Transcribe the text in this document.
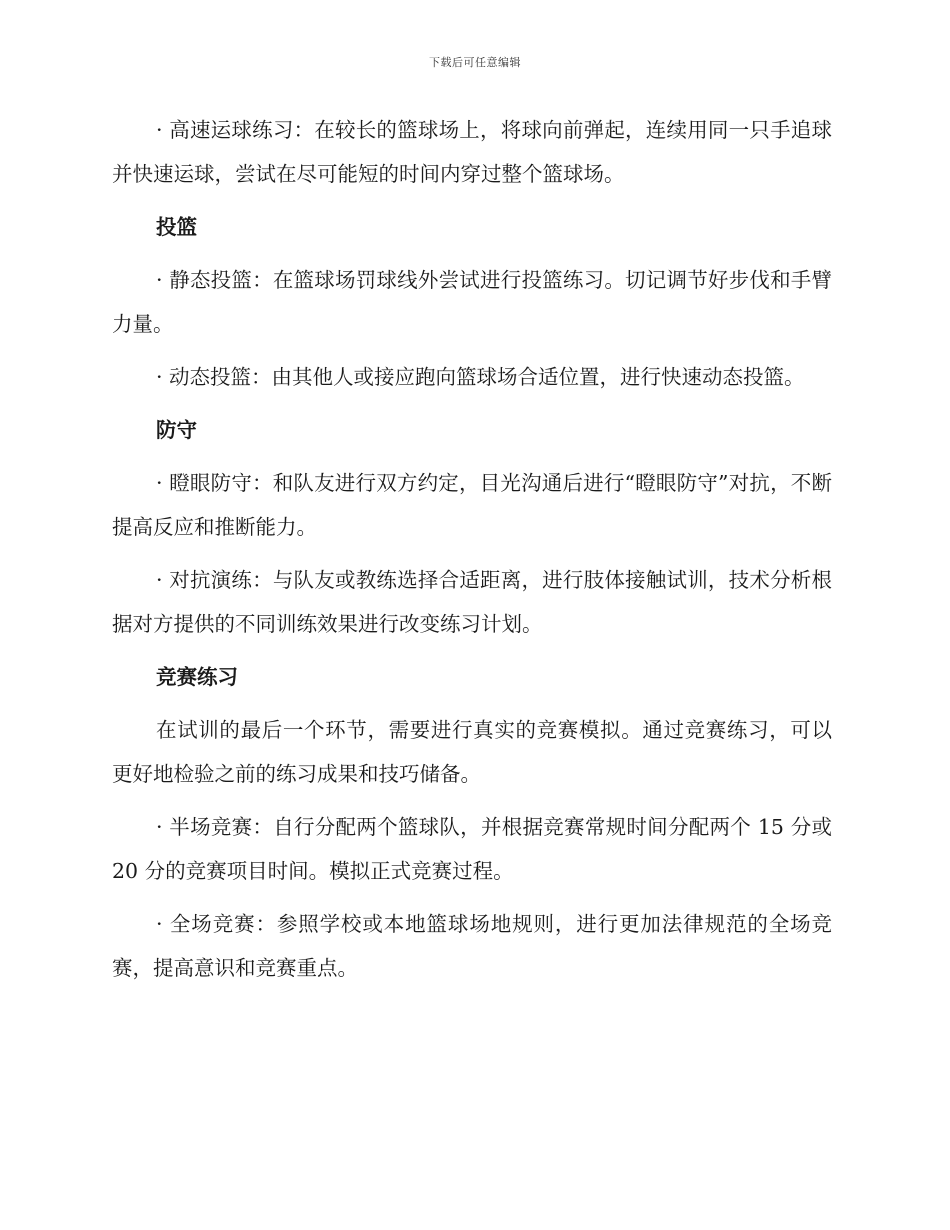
下载后可任意编辑

· 高速运球练习：在较长的篮球场上，将球向前弹起，连续用同一只手追球并快速运球，尝试在尽可能短的时间内穿过整个篮球场。

投篮

· 静态投篮：在篮球场罚球线外尝试进行投篮练习。切记调节好步伐和手臂力量。

· 动态投篮：由其他人或接应跑向篮球场合适位置，进行快速动态投篮。

防守

· 瞪眼防守：和队友进行双方约定，目光沟通后进行“瞪眼防守”对抗，不断提高反应和推断能力。

· 对抗演练：与队友或教练选择合适距离，进行肢体接触试训，技术分析根据对方提供的不同训练效果进行改变练习计划。

竞赛练习

在试训的最后一个环节，需要进行真实的竞赛模拟。通过竞赛练习，可以更好地检验之前的练习成果和技巧储备。

· 半场竞赛：自行分配两个篮球队，并根据竞赛常规时间分配两个 15 分或 20 分的竞赛项目时间。模拟正式竞赛过程。

· 全场竞赛：参照学校或本地篮球场地规则，进行更加法律规范的全场竞赛，提高意识和竞赛重点。
